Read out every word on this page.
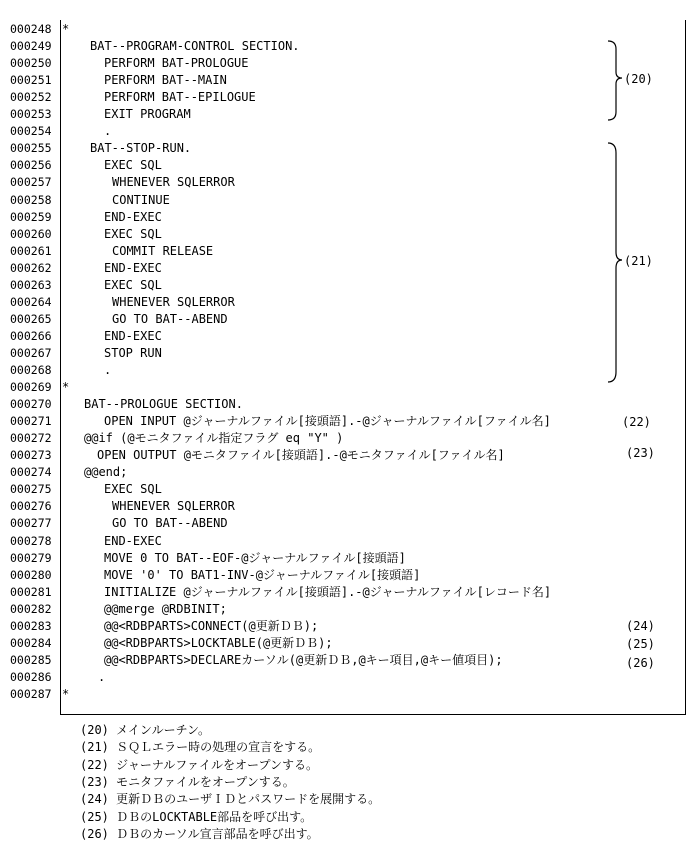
000248 *
000249	BAT--PROGRAM-CONTROL SECTION.
000250	PERFORM BAT-PROLOGUE
000251	PERFORM BAT--MAIN
000252	PERFORM BAT--EPILOGUE
000253	EXIT PROGRAM
000254	.
000255	BAT--STOP-RUN.
000256	EXEC SQL
000257	WHENEVER SQLERROR
000258	CONTINUE
000259	END-EXEC
000260	EXEC SQL
000261	COMMIT RELEASE
000262	END-EXEC
000263	EXEC SQL
000264	WHENEVER SQLERROR
000265	GO TO BAT--ABEND
000266	END-EXEC
000267	STOP RUN
000268	.
000269 *
000270	BAT--PROLOGUE SECTION.
000271	OPEN INPUT @ジャーナルファイル[接頭語].-@ジャーナルファイル[ファイル名]
000272	@@if (@モニタファイル指定フラグ eq "Y" )
000273	OPEN OUTPUT @モニタファイル[接頭語].-@モニタファイル[ファイル名]
000274	@@end;
000275	EXEC SQL
000276	WHENEVER SQLERROR
000277	GO TO BAT--ABEND
000278	END-EXEC
000279	MOVE 0 TO BAT--EOF-@ジャーナルファイル[接頭語]
000280	MOVE '0' TO BAT1-INV-@ジャーナルファイル[接頭語]
000281	INITIALIZE @ジャーナルファイル[接頭語].-@ジャーナルファイル[レコード名]
000282	@@merge @RDBINIT;
000283	@@<RDBPARTS>CONNECT(@更新ＤＢ);
000284	@@<RDBPARTS>LOCKTABLE(@更新ＤＢ);
000285	@@<RDBPARTS>DECLAREカーソル(@更新ＤＢ,@キー項目,@キー値項目);
000286	.
000287 *
(20)
(21)
(22)
(23)
(24)
(25)
(26)
(20) メインルーチン。
(21) ＳＱＬエラー時の処理の宣言をする。
(22) ジャーナルファイルをオープンする。
(23) モニタファイルをオープンする。
(24) 更新ＤＢのユーザＩＤとパスワードを展開する。
(25) ＤＢのLOCKTABLE部品を呼び出す。
(26) ＤＢのカーソル宣言部品を呼び出す。
